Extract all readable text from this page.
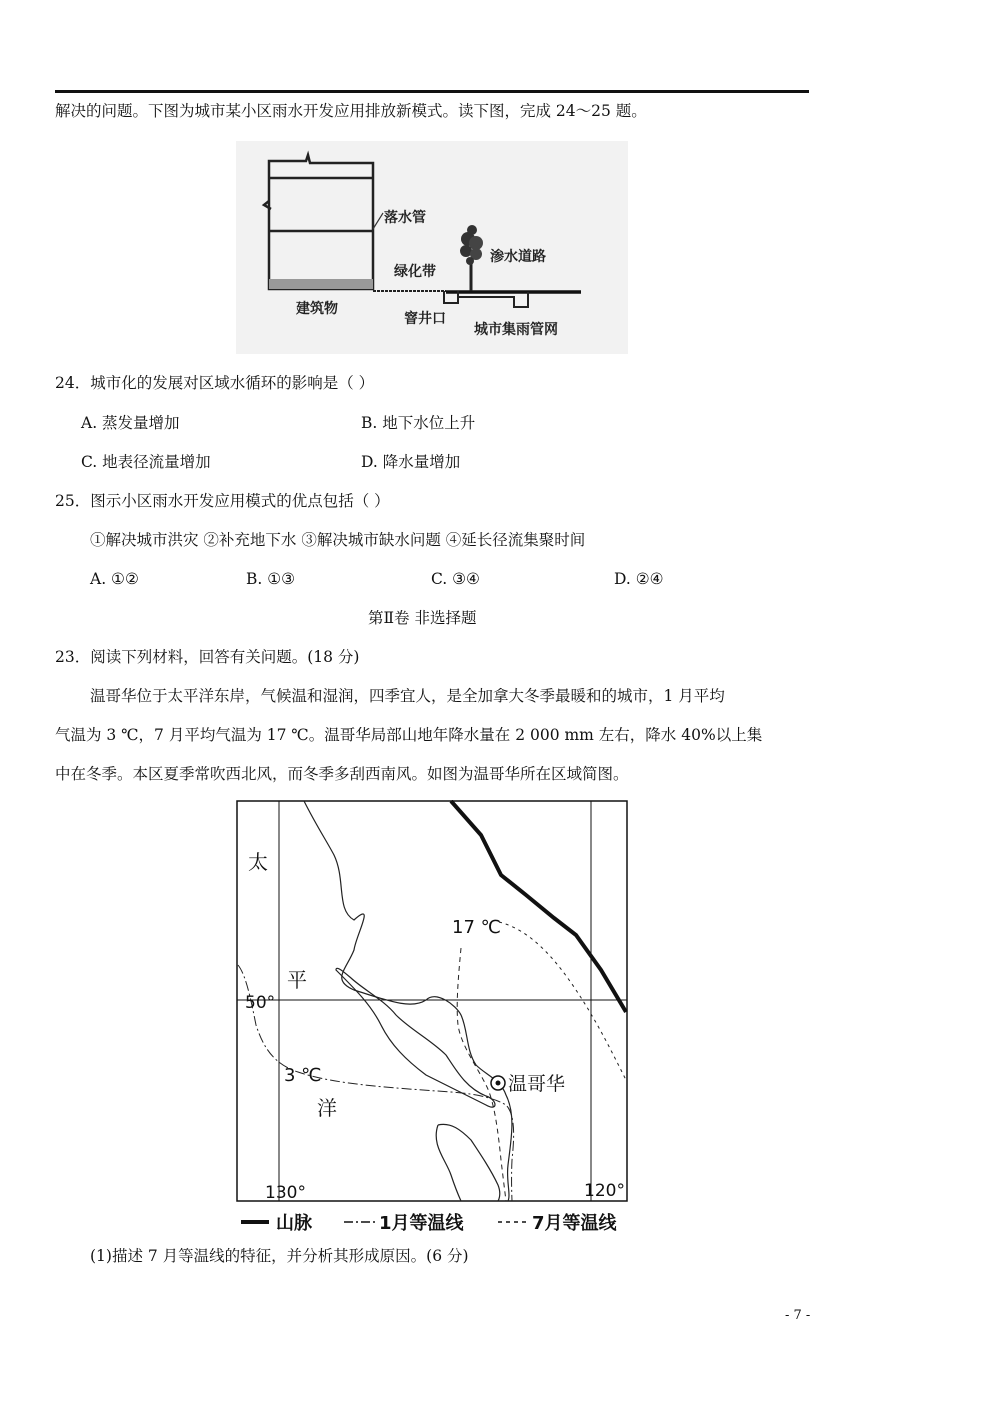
解决的问题。下图为城市某小区雨水开发应用排放新模式。读下图，完成 24～25 题。
落水管
渗水道路
绿化带
建筑物
窨井口
城市集雨管网
24．城市化的发展对区域水循环的影响是（ ）
A. 蒸发量增加	B. 地下水位上升
C. 地表径流量增加	D. 降水量增加
25．图示小区雨水开发应用模式的优点包括（ ）
①解决城市洪灾 ②补充地下水 ③解决城市缺水问题 ④延长径流集聚时间
A. ①②	B. ①③	C. ③④	D. ②④
第Ⅱ卷 非选择题
23．阅读下列材料，回答有关问题。(18 分)
温哥华位于太平洋东岸，气候温和湿润，四季宜人，是全加拿大冬季最暖和的城市，1 月平均
气温为 3 ℃，7 月平均气温为 17 ℃。温哥华局部山地年降水量在 2 000 mm 左右，降水 40%以上集
中在冬季。本区夏季常吹西北风，而冬季多刮西南风。如图为温哥华所在区域简图。
太
平
洋
50°
130°	120°
3 ℃
17 ℃
温哥华
山脉	1月等温线	7月等温线
(1)描述 7 月等温线的特征，并分析其形成原因。(6 分)
- 7 -
